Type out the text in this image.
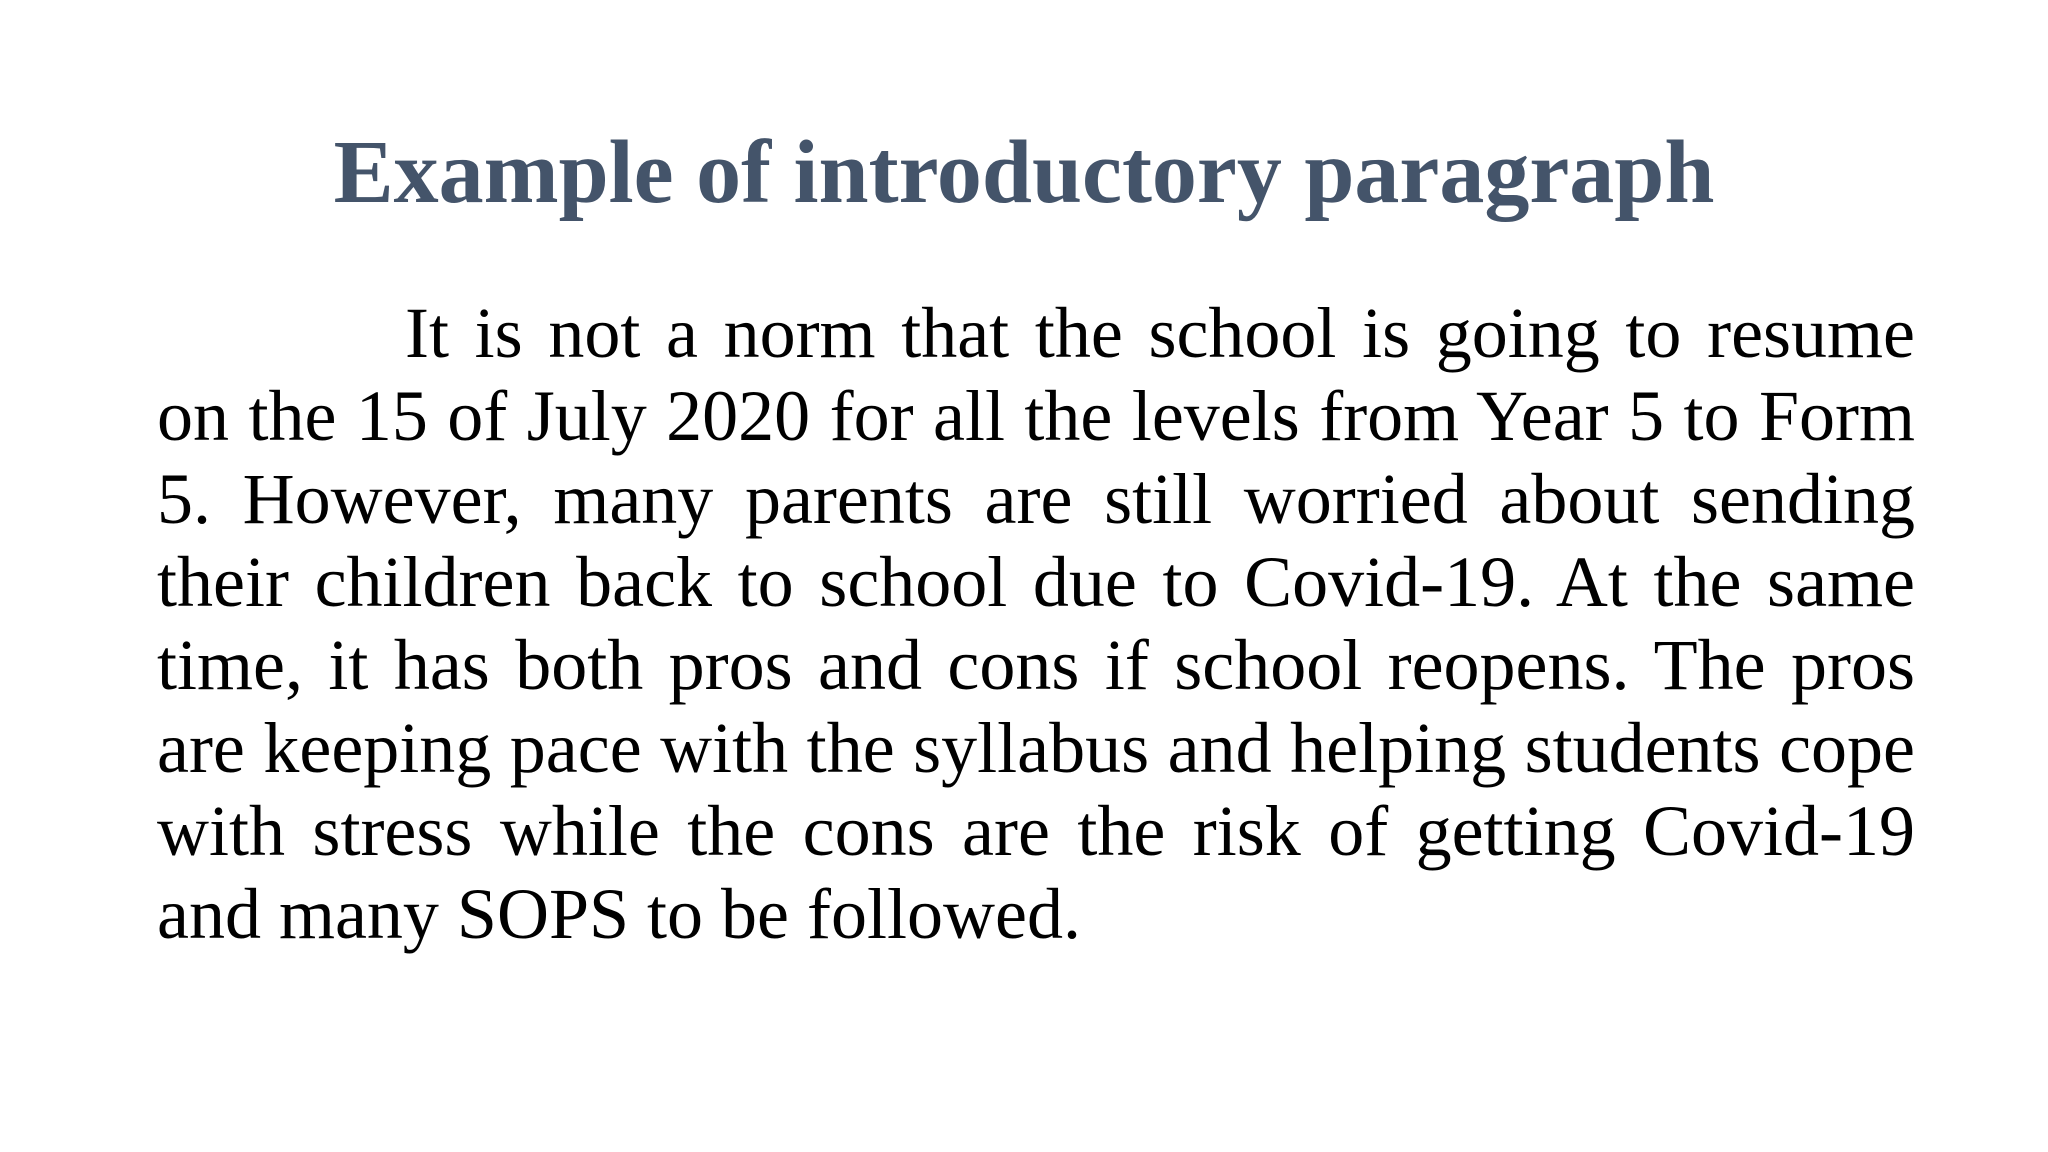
Example of introductory paragraph

It is not a norm that the school is going to resume on the 15 of July 2020 for all the levels from Year 5 to Form 5. However, many parents are still worried about sending their children back to school due to Covid-19. At the same time, it has both pros and cons if school reopens. The pros are keeping pace with the syllabus and helping students cope with stress while the cons are the risk of getting Covid-19 and many SOPS to be followed.
